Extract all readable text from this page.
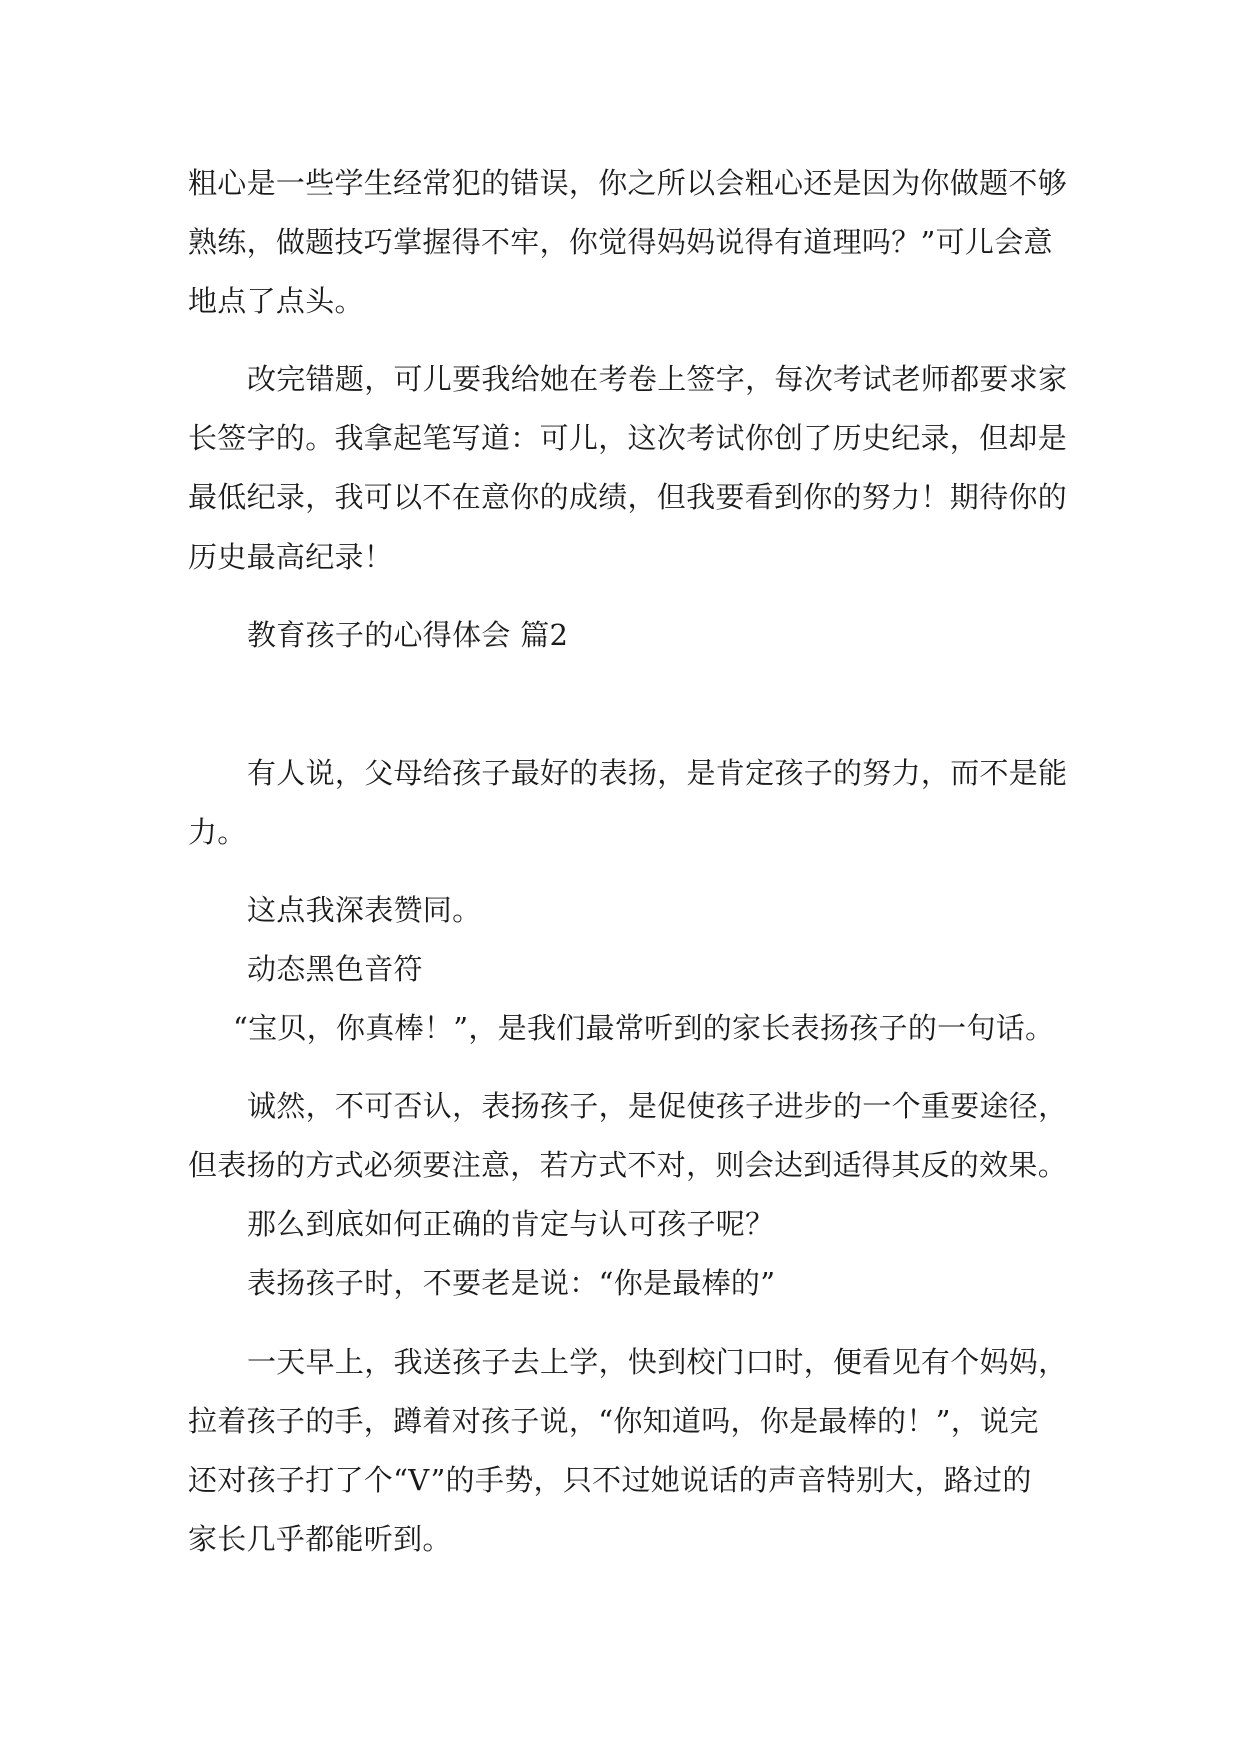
粗心是一些学生经常犯的错误，你之所以会粗心还是因为你做题不够
熟练，做题技巧掌握得不牢，你觉得妈妈说得有道理吗？”可儿会意
地点了点头。
改完错题，可儿要我给她在考卷上签字，每次考试老师都要求家
长签字的。我拿起笔写道：可儿，这次考试你创了历史纪录，但却是
最低纪录，我可以不在意你的成绩，但我要看到你的努力！期待你的
历史最高纪录！
教育孩子的心得体会 篇2
有人说，父母给孩子最好的表扬，是肯定孩子的努力，而不是能
力。
这点我深表赞同。
动态黑色音符
“宝贝，你真棒！”，是我们最常听到的家长表扬孩子的一句话。
诚然，不可否认，表扬孩子，是促使孩子进步的一个重要途径，
但表扬的方式必须要注意，若方式不对，则会达到适得其反的效果。
那么到底如何正确的肯定与认可孩子呢？
表扬孩子时，不要老是说：“你是最棒的”
一天早上，我送孩子去上学，快到校门口时，便看见有个妈妈，
拉着孩子的手，蹲着对孩子说，“你知道吗，你是最棒的！”，说完
还对孩子打了个“V”的手势，只不过她说话的声音特别大，路过的
家长几乎都能听到。
